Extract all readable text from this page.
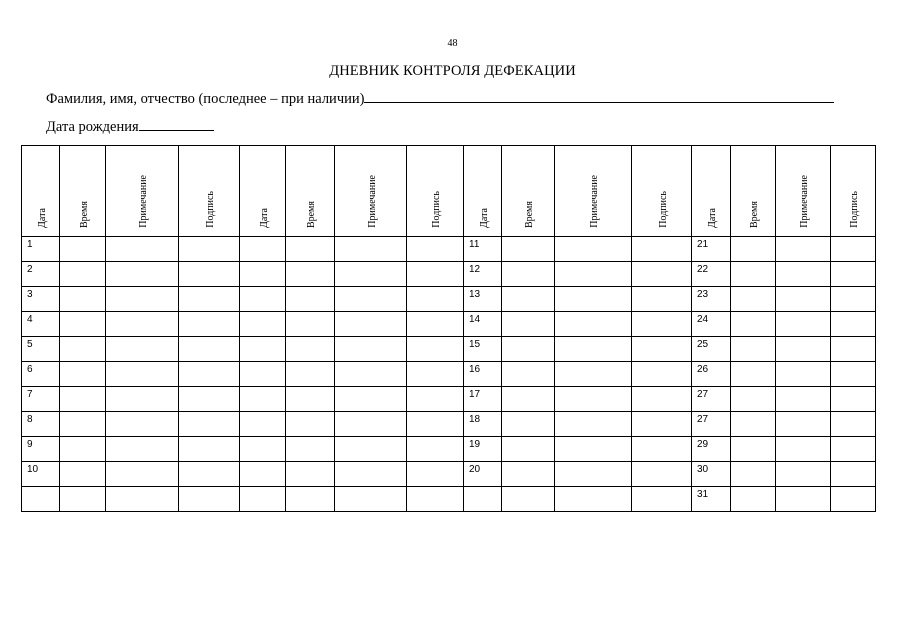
48
ДНЕВНИК КОНТРОЛЯ ДЕФЕКАЦИИ
Фамилия, имя, отчество (последнее – при наличии)
Дата рождения
Дата	Время	Примечание	Подпись	Дата	Время	Примечание	Подпись	Дата	Время	Примечание	Подпись	Дата	Время	Примечание	Подпись

1								11				21			

2								12				22			

3								13				23			

4								14				24			

5								15				25			

6								16				26			

7								17				27			

8								18				27			

9								19				29			

10								20				30			

												31			
